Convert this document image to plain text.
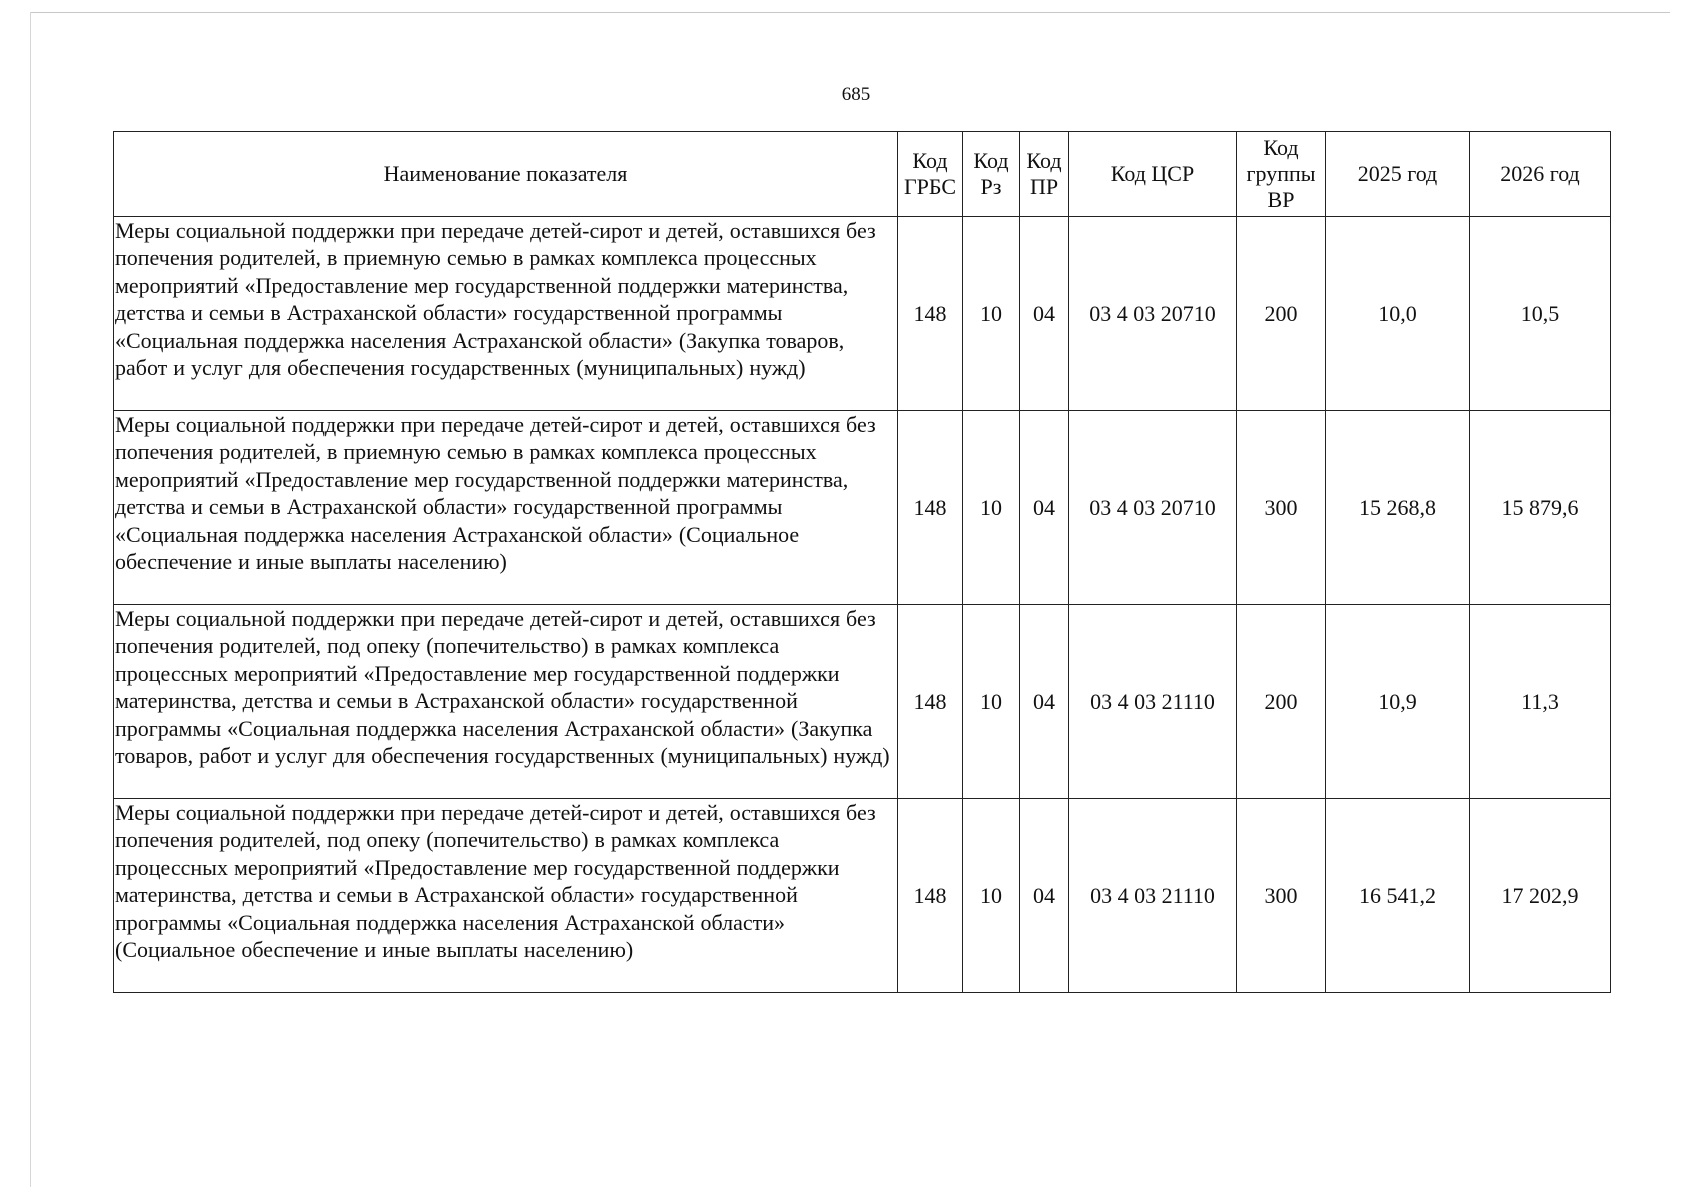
685
Наименование показателя	Код ГРБС	Код Рз	Код ПР	Код ЦСР	Код группы ВР	2025 год	2026 год
Меры социальной поддержки при передаче детей-сирот и детей, оставшихся без попечения родителей, в приемную семью в рамках комплекса процессных мероприятий «Предоставление мер государственной поддержки материнства, детства и семьи в Астраханской области» государственной программы «Социальная поддержка населения Астраханской области» (Закупка товаров, работ и услуг для обеспечения государственных (муниципальных) нужд)	148	10	04	03 4 03 20710	200	10,0	10,5
Меры социальной поддержки при передаче детей-сирот и детей, оставшихся без попечения родителей, в приемную семью в рамках комплекса процессных мероприятий «Предоставление мер государственной поддержки материнства, детства и семьи в Астраханской области» государственной программы «Социальная поддержка населения Астраханской области» (Социальное обеспечение и иные выплаты населению)	148	10	04	03 4 03 20710	300	15 268,8	15 879,6
Меры социальной поддержки при передаче детей-сирот и детей, оставшихся без попечения родителей, под опеку (попечительство) в рамках комплекса процессных мероприятий «Предоставление мер государственной поддержки материнства, детства и семьи в Астраханской области» государственной программы «Социальная поддержка населения Астраханской области» (Закупка товаров, работ и услуг для обеспечения государственных (муниципальных) нужд)	148	10	04	03 4 03 21110	200	10,9	11,3
Меры социальной поддержки при передаче детей-сирот и детей, оставшихся без попечения родителей, под опеку (попечительство) в рамках комплекса процессных мероприятий «Предоставление мер государственной поддержки материнства, детства и семьи в Астраханской области» государственной программы «Социальная поддержка населения Астраханской области» (Социальное обеспечение и иные выплаты населению)	148	10	04	03 4 03 21110	300	16 541,2	17 202,9
